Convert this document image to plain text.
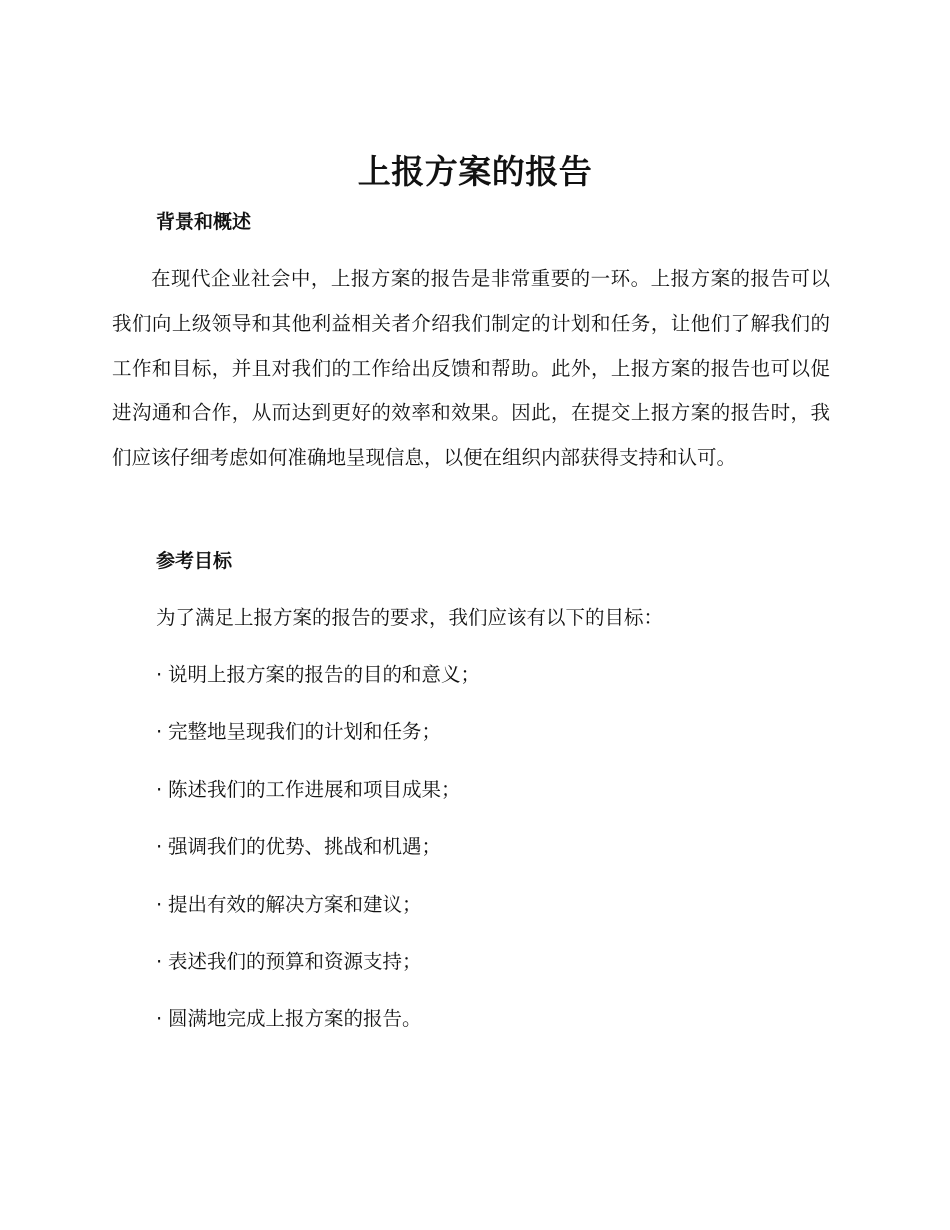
上报方案的报告
背景和概述

在现代企业社会中，上报方案的报告是非常重要的一环。上报方案的报告可以我们向上级领导和其他利益相关者介绍我们制定的计划和任务，让他们了解我们的工作和目标，并且对我们的工作给出反馈和帮助。此外，上报方案的报告也可以促进沟通和合作，从而达到更好的效率和效果。因此，在提交上报方案的报告时，我们应该仔细考虑如何准确地呈现信息，以便在组织内部获得支持和认可。

参考目标
为了满足上报方案的报告的要求，我们应该有以下的目标：
· 说明上报方案的报告的目的和意义；
· 完整地呈现我们的计划和任务；
· 陈述我们的工作进展和项目成果；
· 强调我们的优势、挑战和机遇；
· 提出有效的解决方案和建议；
· 表述我们的预算和资源支持；
· 圆满地完成上报方案的报告。
